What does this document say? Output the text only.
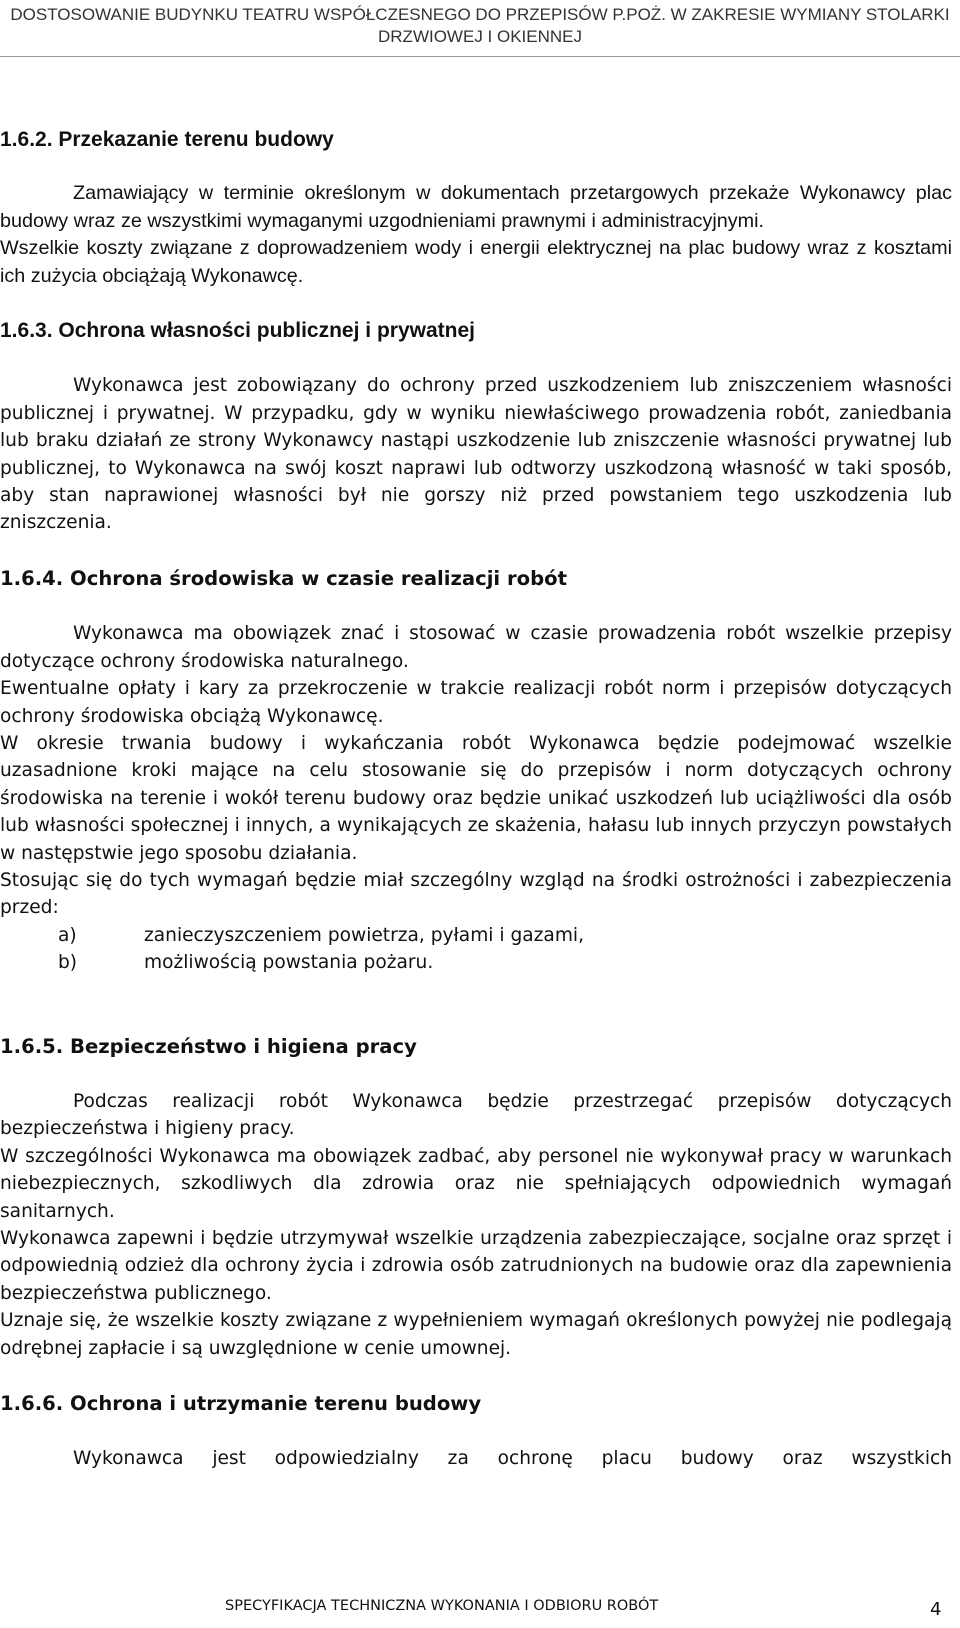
DOSTOSOWANIE BUDYNKU TEATRU WSPÓŁCZESNEGO DO PRZEPISÓW P.POŻ. W ZAKRESIE WYMIANY STOLARKI
DRZWIOWEJ I OKIENNEJ
1.6.2. Przekazanie terenu budowy

Zamawiający w terminie określonym w dokumentach przetargowych przekaże Wykonawcy plac budowy wraz ze wszystkimi wymaganymi uzgodnieniami prawnymi i administracyjnymi.

Wszelkie koszty związane z doprowadzeniem wody i energii elektrycznej na plac budowy wraz z kosztami ich zużycia obciążają Wykonawcę.

1.6.3. Ochrona własności publicznej i prywatnej

Wykonawca jest zobowiązany do ochrony przed uszkodzeniem lub zniszczeniem własności publicznej i prywatnej. W przypadku, gdy w wyniku niewłaściwego prowadzenia robót, zaniedbania lub braku działań ze strony Wykonawcy nastąpi uszkodzenie lub zniszczenie własności prywatnej lub publicznej, to Wykonawca na swój koszt naprawi lub odtworzy uszkodzoną własność w taki sposób, aby stan naprawionej własności był nie gorszy niż przed powstaniem tego uszkodzenia lub zniszczenia.

1.6.4. Ochrona środowiska w czasie realizacji robót

Wykonawca ma obowiązek znać i stosować w czasie prowadzenia robót wszelkie przepisy dotyczące ochrony środowiska naturalnego.

Ewentualne opłaty i kary za przekroczenie w trakcie realizacji robót norm i przepisów dotyczących ochrony środowiska obciążą Wykonawcę.

W okresie trwania budowy i wykańczania robót Wykonawca będzie podejmować wszelkie uzasadnione kroki mające na celu stosowanie się do przepisów i norm dotyczących ochrony środowiska na terenie i wokół terenu budowy oraz będzie unikać uszkodzeń lub uciążliwości dla osób lub własności społecznej i innych, a wynikających ze skażenia, hałasu lub innych przyczyn powstałych w następstwie jego sposobu działania.

Stosując się do tych wymagań będzie miał szczególny wzgląd na środki ostrożności i zabezpieczenia przed:

a)	zanieczyszczeniem powietrza, pyłami i gazami,
b)	możliwością powstania pożaru.
1.6.5. Bezpieczeństwo i higiena pracy

Podczas realizacji robót Wykonawca będzie przestrzegać przepisów dotyczących bezpieczeństwa i higieny pracy.

W szczególności Wykonawca ma obowiązek zadbać, aby personel nie wykonywał pracy w warunkach niebezpiecznych, szkodliwych dla zdrowia oraz nie spełniających odpowiednich wymagań sanitarnych.

Wykonawca zapewni i będzie utrzymywał wszelkie urządzenia zabezpieczające, socjalne oraz sprzęt i odpowiednią odzież dla ochrony życia i zdrowia osób zatrudnionych na budowie oraz dla zapewnienia bezpieczeństwa publicznego.

Uznaje się, że wszelkie koszty związane z wypełnieniem wymagań określonych powyżej nie podlegają odrębnej zapłacie i są uwzględnione w cenie umownej.

1.6.6. Ochrona i utrzymanie terenu budowy

Wykonawca jest odpowiedzialny za ochronę placu budowy oraz wszystkich

SPECYFIKACJA TECHNICZNA WYKONANIA I ODBIORU ROBÓT	4
